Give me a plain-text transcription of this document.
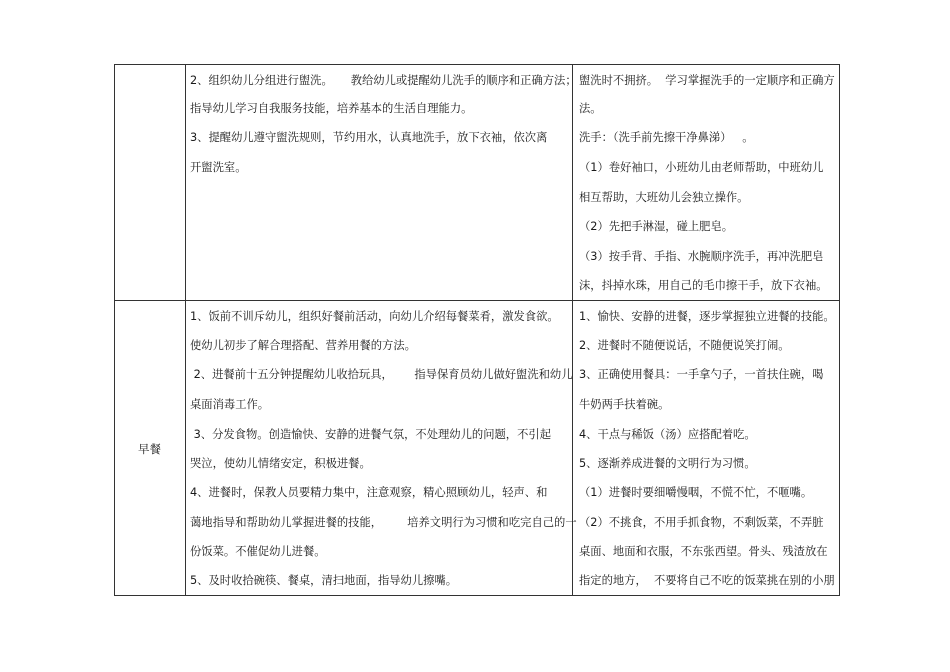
2、组织幼儿分组进行盥洗。     教给幼儿或提醒幼儿洗手的顺序和正确方法；
指导幼儿学习自我服务技能，培养基本的生活自理能力。
3、提醒幼儿遵守盥洗规则，节约用水，认真地洗手，放下衣袖，依次离
开盥洗室。
盥洗时不拥挤。  学习掌握洗手的一定顺序和正确方
法。
洗手：（洗手前先擦干净鼻涕）   。
（1）卷好袖口，小班幼儿由老师帮助，中班幼儿
相互帮助，大班幼儿会独立操作。
（2）先把手淋湿，碰上肥皂。
（3）按手背、手指、水腕顺序洗手，再冲洗肥皂
沫，抖掉水珠，用自己的毛巾擦干手，放下衣袖。
早餐
1、饭前不训斥幼儿，组织好餐前活动，向幼儿介绍每餐菜肴，激发食欲。
使幼儿初步了解合理搭配、营养用餐的方法。
2、进餐前十五分钟提醒幼儿收拾玩具，      指导保育员幼儿做好盥洗和幼儿
桌面消毒工作。
3、分发食物。创造愉快、安静的进餐气氛，不处理幼儿的问题，不引起
哭泣，使幼儿情绪安定，积极进餐。
4、进餐时，保教人员要精力集中，注意观察，精心照顾幼儿，轻声、和
蔼地指导和帮助幼儿掌握进餐的技能，       培养文明行为习惯和吃完自己的一
份饭菜。不催促幼儿进餐。
5、及时收拾碗筷、餐桌，清扫地面，指导幼儿擦嘴。
1、愉快、安静的进餐，逐步掌握独立进餐的技能。
2、进餐时不随便说话，不随便说笑打闹。
3、正确使用餐具：一手拿勺子，一首扶住碗，喝
牛奶两手扶着碗。
4、干点与稀饭（汤）应搭配着吃。
5、逐渐养成进餐的文明行为习惯。
（1）进餐时要细嚼慢咽，不慌不忙，不咂嘴。
（2）不挑食，不用手抓食物，不剩饭菜，不弄脏
桌面、地面和衣服，不东张西望。骨头、残渣放在
指定的地方，  不要将自己不吃的饭菜挑在别的小朋
